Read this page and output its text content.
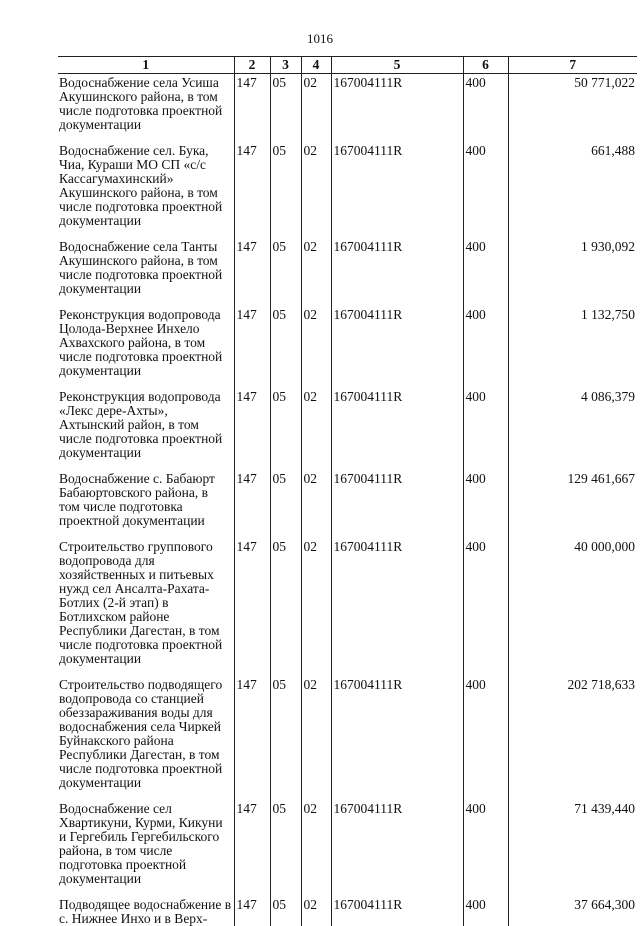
1016
1	2	3	4	5	6	7
Водоснабжение села Усиша Акушинского района, в том числе подготовка проектной документации	147	05	02	167004111R	400	50 771,022
Водоснабжение сел. Бука, Чиа, Кураши МО СП «с/с Кассагумахинский» Акушинского района, в том числе подготовка проектной документации	147	05	02	167004111R	400	661,488
Водоснабжение села Танты Акушинского района, в том числе подготовка проектной документации	147	05	02	167004111R	400	1 930,092
Реконструкция водопровода Цолода-Верхнее Инхело Ахвахского района, в том числе подготовка проектной документации	147	05	02	167004111R	400	1 132,750
Реконструкция водопровода «Лекс дере-Ахты», Ахтынский район, в том числе подготовка проектной документации	147	05	02	167004111R	400	4 086,379
Водоснабжение с. Бабаюрт Бабаюртовского района, в том числе подготовка проектной документации	147	05	02	167004111R	400	129 461,667
Строительство группового водопровода для хозяйственных и питьевых нужд сел Ансалта-Рахата-Ботлих (2-й этап) в Ботлихском районе Республики Дагестан, в том числе подготовка проектной документации	147	05	02	167004111R	400	40 000,000
Строительство подводящего водопровода со станцией обеззараживания воды для водоснабжения села Чиркей Буйнакского района Республики Дагестан, в том числе подготовка проектной документации	147	05	02	167004111R	400	202 718,633
Водоснабжение сел Хвартикуни, Курми, Кикуни и Гергебиль Гергебильского района, в том числе подготовка проектной документации	147	05	02	167004111R	400	71 439,440
Подводящее водоснабжение в с. Нижнее Инхо и в Верх-	147	05	02	167004111R	400	37 664,300
